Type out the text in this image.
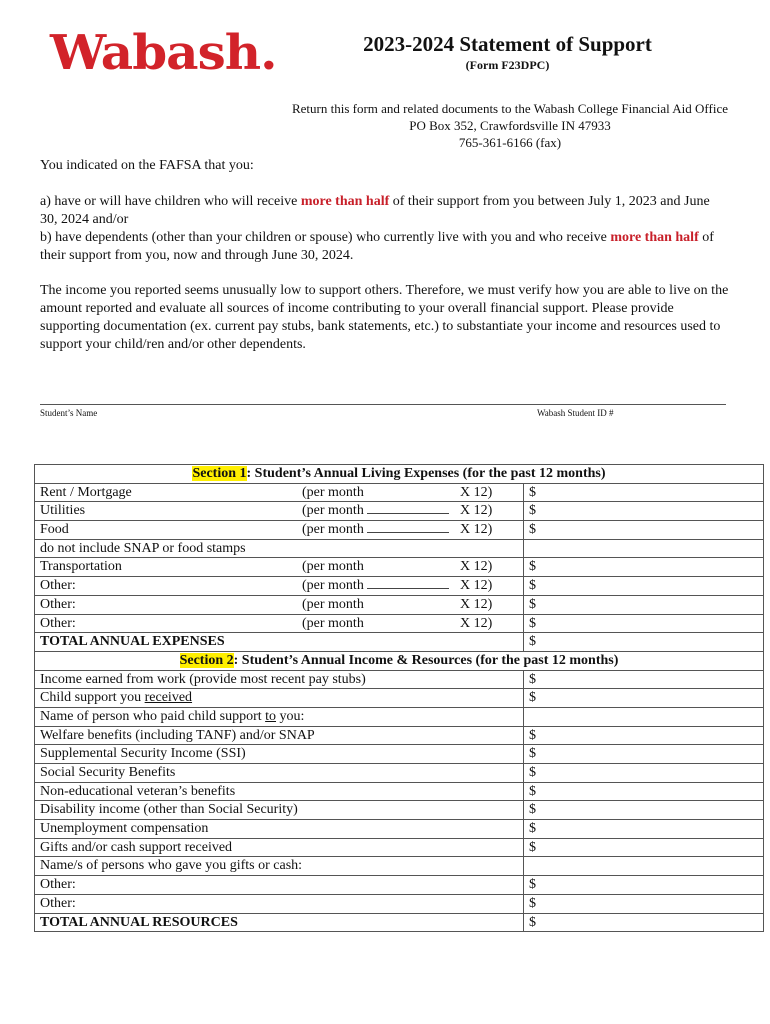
Wabash.	2023-2024 Statement of Support
(Form F23DPC)
Return this form and related documents to the Wabash College Financial Aid Office
PO Box 352, Crawfordsville IN 47933
765-361-6166 (fax)
You indicated on the FAFSA that you:
a) have or will have children who will receive more than half of their support from you between July 1, 2023 and June 30, 2024 and/or
b) have dependents (other than your children or spouse) who currently live with you and who receive more than half of their support from you, now and through June 30, 2024.
The income you reported seems unusually low to support others. Therefore, we must verify how you are able to live on the amount reported and evaluate all sources of income contributing to your overall financial support. Please provide supporting documentation (ex. current pay stubs, bank statements, etc.) to substantiate your income and resources used to support your child/ren and/or other dependents.
Student’s Name	Wabash Student ID #
Section 1: Student’s Annual Living Expenses (for the past 12 months)		

Rent / Mortgage (per month X 12)		$

Utilities (per month X 12)		$

Food (per month X 12)		$
do not include SNAP or food stamps		

Transportation (per month X 12)		$

Other: (per month X 12)		$

Other: (per month X 12)		$

Other: (per month X 12)		$
TOTAL ANNUAL EXPENSES		$
Section 2: Student’s Annual Income & Resources (for the past 12 months)		
Income earned from work (provide most recent pay stubs)		$
Child support you received		$
Name of person who paid child support to you:		
Welfare benefits (including TANF) and/or SNAP		$
Supplemental Security Income (SSI)		$
Social Security Benefits		$
Non-educational veteran’s benefits		$
Disability income (other than Social Security)		$
Unemployment compensation		$
Gifts and/or cash support received		$
Name/s of persons who gave you gifts or cash:		
Other:		$
Other:		$
TOTAL ANNUAL RESOURCES		$
